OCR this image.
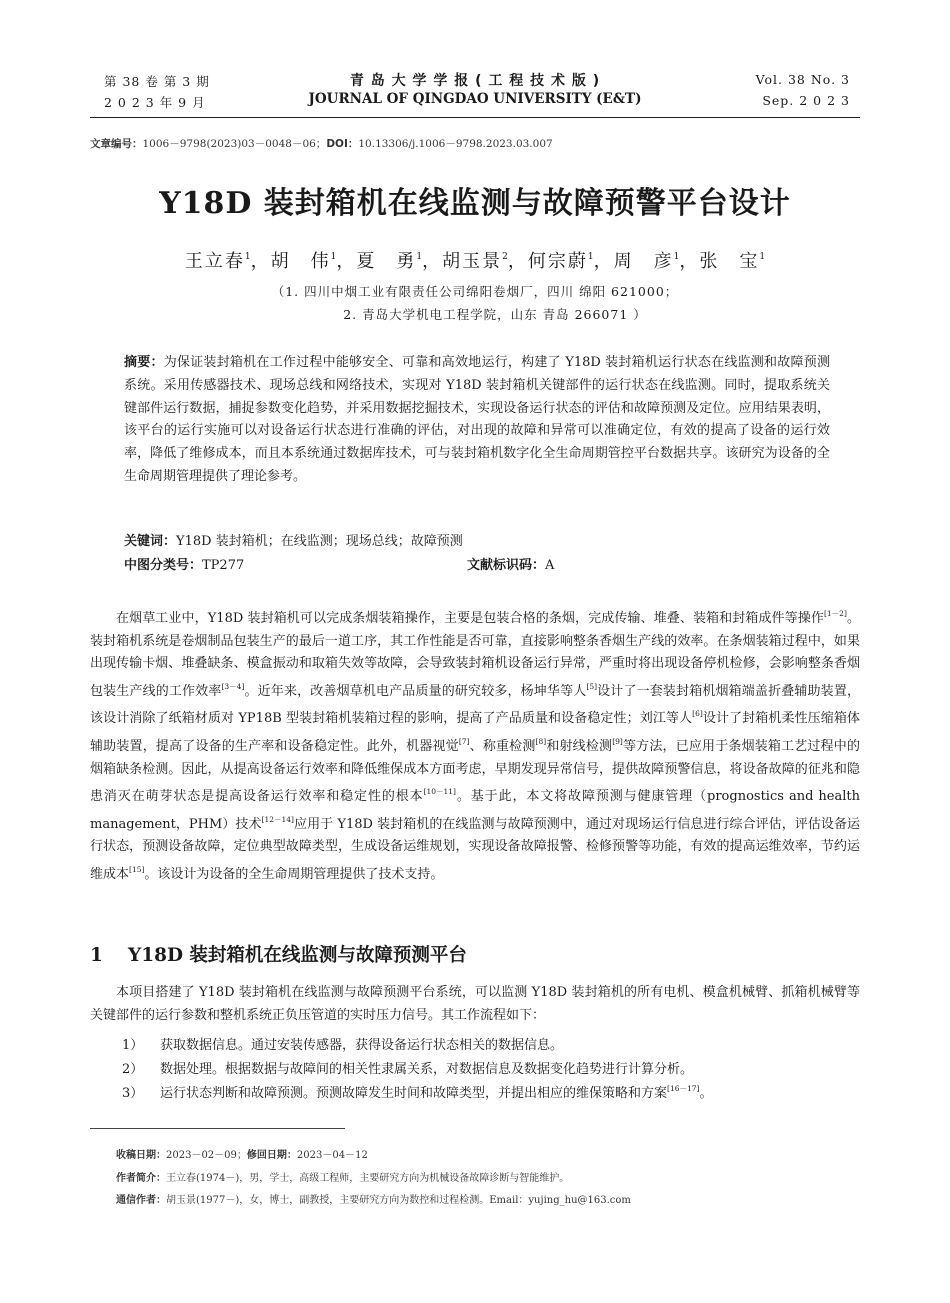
第 38 卷 第 3 期
2 0 2 3 年 9 月
青 岛 大 学 学 报 ( 工 程 技 术 版 )
JOURNAL OF QINGDAO UNIVERSITY (E&T)
Vol. 38 No. 3
Sep. 2 0 2 3
文章编号：1006－9798(2023)03－0048－06；DOI：10.13306/j.1006－9798.2023.03.007
Y18D 装封箱机在线监测与故障预警平台设计
王立春$^1$，胡　伟$^1$，夏　勇$^1$，胡玉景$^2$，何宗蔚$^1$，周　彦$^1$，张　宝$^1$
（1. 四川中烟工业有限责任公司绵阳卷烟厂，四川 绵阳 621000；
2. 青岛大学机电工程学院，山东 青岛 266071 ）
摘要：为保证装封箱机在工作过程中能够安全、可靠和高效地运行，构建了 Y18D 装封箱机运行状态在线监测和故障预测系统。采用传感器技术、现场总线和网络技术，实现对 Y18D 装封箱机关键部件的运行状态在线监测。同时，提取系统关键部件运行数据，捕捉参数变化趋势，并采用数据挖掘技术，实现设备运行状态的评估和故障预测及定位。应用结果表明，该平台的运行实施可以对设备运行状态进行准确的评估，对出现的故障和异常可以准确定位，有效的提高了设备的运行效率，降低了维修成本，而且本系统通过数据库技术，可与装封箱机数字化全生命周期管控平台数据共享。该研究为设备的全生命周期管理提供了理论参考。
关键词：Y18D 装封箱机；在线监测；现场总线；故障预测
中图分类号：TP277	文献标识码：A
在烟草工业中，Y18D 装封箱机可以完成条烟装箱操作，主要是包装合格的条烟，完成传输、堆叠、装箱和封箱成件等操作[1－2]。装封箱机系统是卷烟制品包装生产的最后一道工序，其工作性能是否可靠，直接影响整条香烟生产线的效率。在条烟装箱过程中，如果出现传输卡烟、堆叠缺条、模盒振动和取箱失效等故障，会导致装封箱机设备运行异常，严重时将出现设备停机检修，会影响整条香烟包装生产线的工作效率[3－4]。近年来，改善烟草机电产品质量的研究较多，杨坤华等人[5]设计了一套装封箱机烟箱端盖折叠辅助装置，该设计消除了纸箱材质对 YP18B 型装封箱机装箱过程的影响，提高了产品质量和设备稳定性；刘江等人[6]设计了封箱机柔性压缩箱体辅助装置，提高了设备的生产率和设备稳定性。此外，机器视觉[7]、称重检测[8]和射线检测[9]等方法，已应用于条烟装箱工艺过程中的烟箱缺条检测。因此，从提高设备运行效率和降低维保成本方面考虑，早期发现异常信号，提供故障预警信息，将设备故障的征兆和隐患消灭在萌芽状态是提高设备运行效率和稳定性的根本[10－11]。基于此，本文将故障预测与健康管理（prognostics and health management，PHM）技术[12－14]应用于 Y18D 装封箱机的在线监测与故障预测中，通过对现场运行信息进行综合评估，评估设备运行状态，预测设备故障，定位典型故障类型，生成设备运维规划，实现设备故障报警、检修预警等功能，有效的提高运维效率，节约运维成本[15]。该设计为设备的全生命周期管理提供了技术支持。
1 Y18D 装封箱机在线监测与故障预测平台
本项目搭建了 Y18D 装封箱机在线监测与故障预测平台系统，可以监测 Y18D 装封箱机的所有电机、模盒机械臂、抓箱机械臂等关键部件的运行参数和整机系统正负压管道的实时压力信号。其工作流程如下：
1） 获取数据信息。通过安装传感器，获得设备运行状态相关的数据信息。
2） 数据处理。根据数据与故障间的相关性隶属关系，对数据信息及数据变化趋势进行计算分析。
3） 运行状态判断和故障预测。预测故障发生时间和故障类型，并提出相应的维保策略和方案[16－17]。
收稿日期：2023－02－09；修回日期：2023－04－12
作者简介：王立春(1974－)，男，学士，高级工程师，主要研究方向为机械设备故障诊断与智能维护。
通信作者：胡玉景(1977－)，女，博士，副教授，主要研究方向为数控和过程检测。Email：yujing_hu@163.com
